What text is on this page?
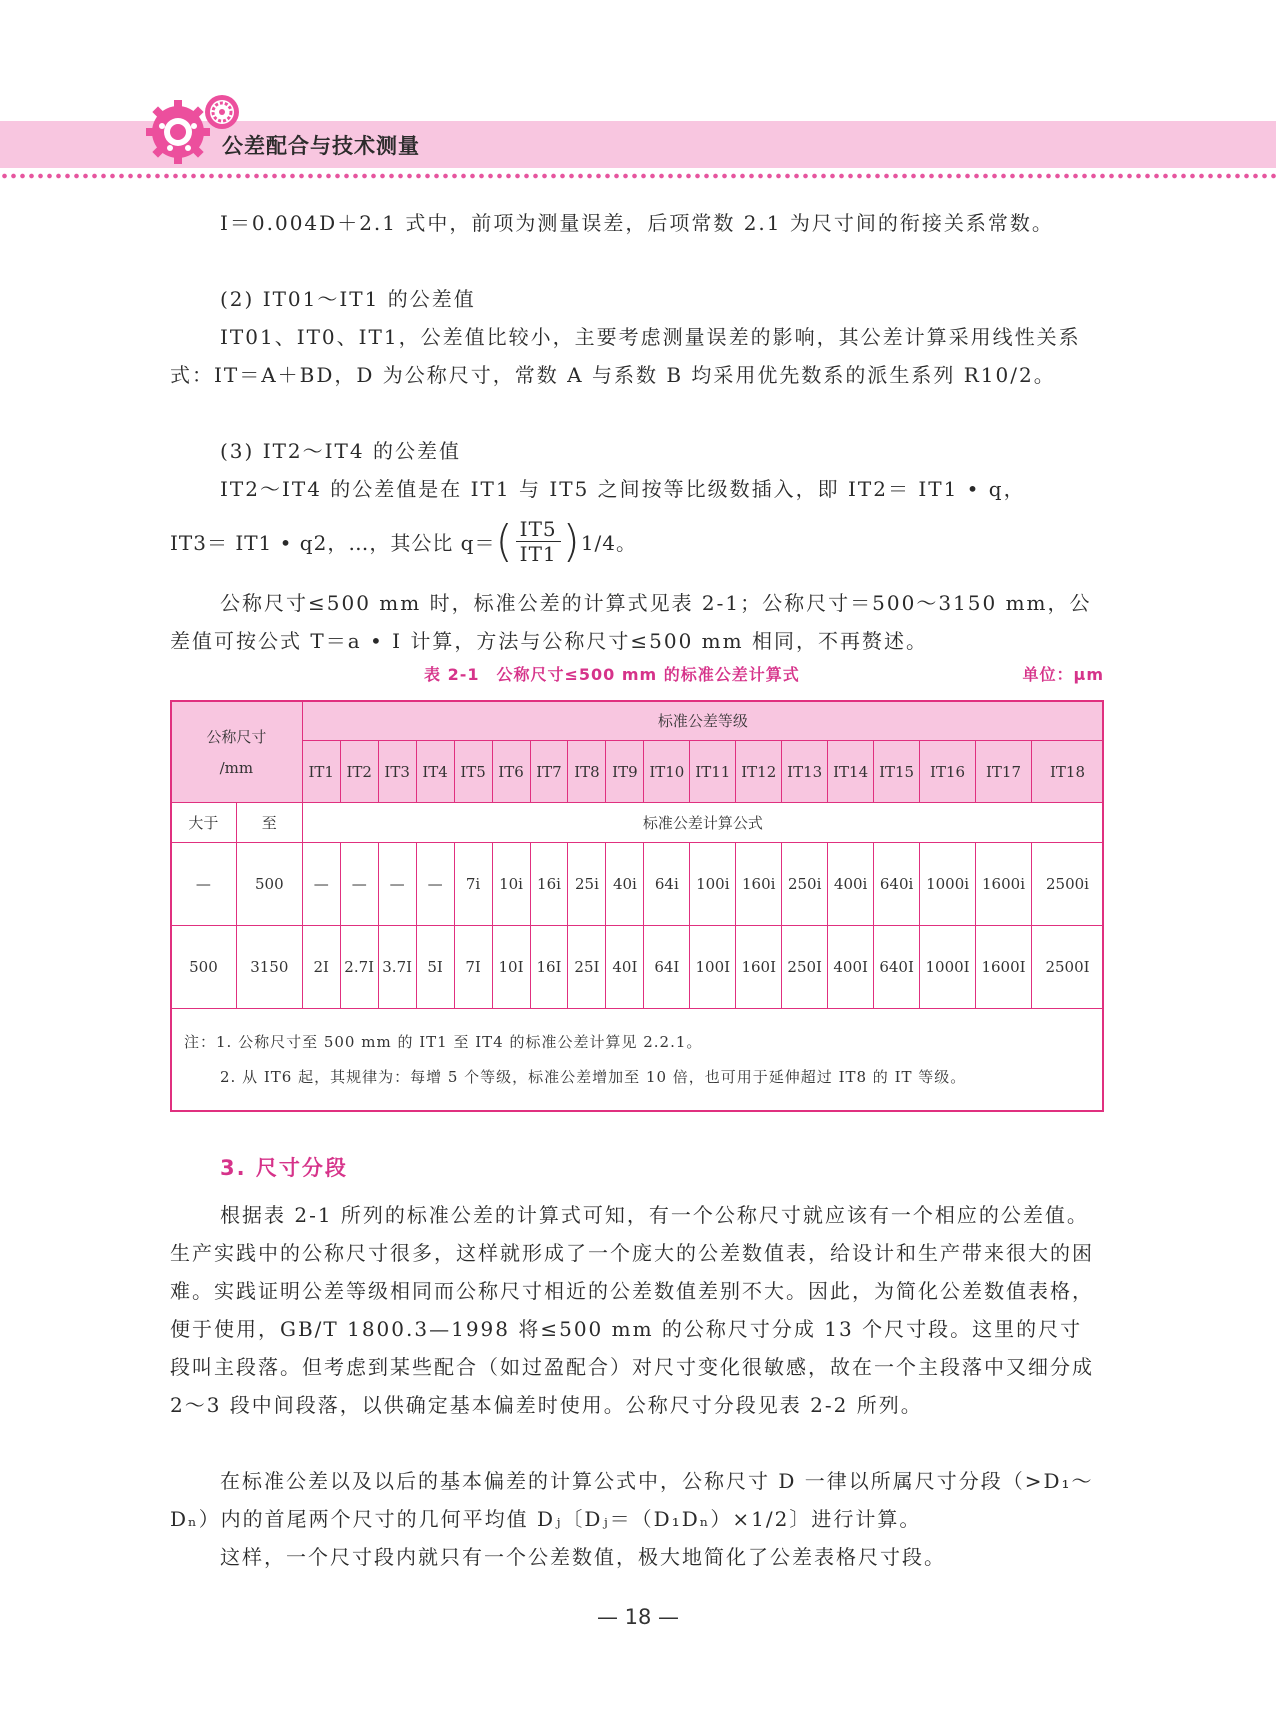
公差配合与技术测量
I＝0.004D＋2.1 式中，前项为测量误差，后项常数 2.1 为尺寸间的衔接关系常数。
(2) IT01～IT1 的公差值
IT01、IT0、IT1，公差值比较小，主要考虑测量误差的影响，其公差计算采用线性关系式：IT＝A＋BD，D 为公称尺寸，常数 A 与系数 B 均采用优先数系的派生系列 R10/2。
(3) IT2～IT4 的公差值
IT2～IT4 的公差值是在 IT1 与 IT5 之间按等比级数插入，即 IT2＝ IT1 • q，
IT3＝ IT1 • q2，…，其公比 q＝ ( $\frac{IT5}{IT1}$ ) 1/4。
公称尺寸≤500 mm 时，标准公差的计算式见表 2-1；公称尺寸＝500～3150 mm，公差值可按公式 T＝a • I 计算，方法与公称尺寸≤500 mm 相同，不再赘述。
表 2-1　公称尺寸≤500 mm 的标准公差计算式	单位：μm
公称尺寸
/mm		标准公差等级																	
		IT1	IT2	IT3	IT4	IT5	IT6	IT7	IT8	IT9	IT10	IT11	IT12	IT13	IT14	IT15	IT16	IT17	IT18
大于	至	标准公差计算公式																	
—	500	—	—	—	—	7i	10i	16i	25i	40i	64i	100i	160i	250i	400i	640i	1000i	1600i	2500i
500	3150	2I	2.7I	3.7I	5I	7I	10I	16I	25I	40I	64I	100I	160I	250I	400I	640I	1000I	1600I	2500I
注：1. 公称尺寸至 500 mm 的 IT1 至 IT4 的标准公差计算见 2.2.1。
2. 从 IT6 起，其规律为：每增 5 个等级，标准公差增加至 10 倍，也可用于延伸超过 IT8 的 IT 等级。
3. 尺寸分段
根据表 2-1 所列的标准公差的计算式可知，有一个公称尺寸就应该有一个相应的公差值。生产实践中的公称尺寸很多，这样就形成了一个庞大的公差数值表，给设计和生产带来很大的困难。实践证明公差等级相同而公称尺寸相近的公差数值差别不大。因此，为简化公差数值表格，便于使用，GB/T 1800.3—1998 将≤500 mm 的公称尺寸分成 13 个尺寸段。这里的尺寸段叫主段落。但考虑到某些配合（如过盈配合）对尺寸变化很敏感，故在一个主段落中又细分成 2～3 段中间段落，以供确定基本偏差时使用。公称尺寸分段见表 2-2 所列。
在标准公差以及以后的基本偏差的计算公式中，公称尺寸 D 一律以所属尺寸分段（>D₁～Dₙ）内的首尾两个尺寸的几何平均值 Dⱼ〔Dⱼ＝（D₁Dₙ）×1/2〕进行计算。
这样，一个尺寸段内就只有一个公差数值，极大地简化了公差表格尺寸段。
— 18 —
